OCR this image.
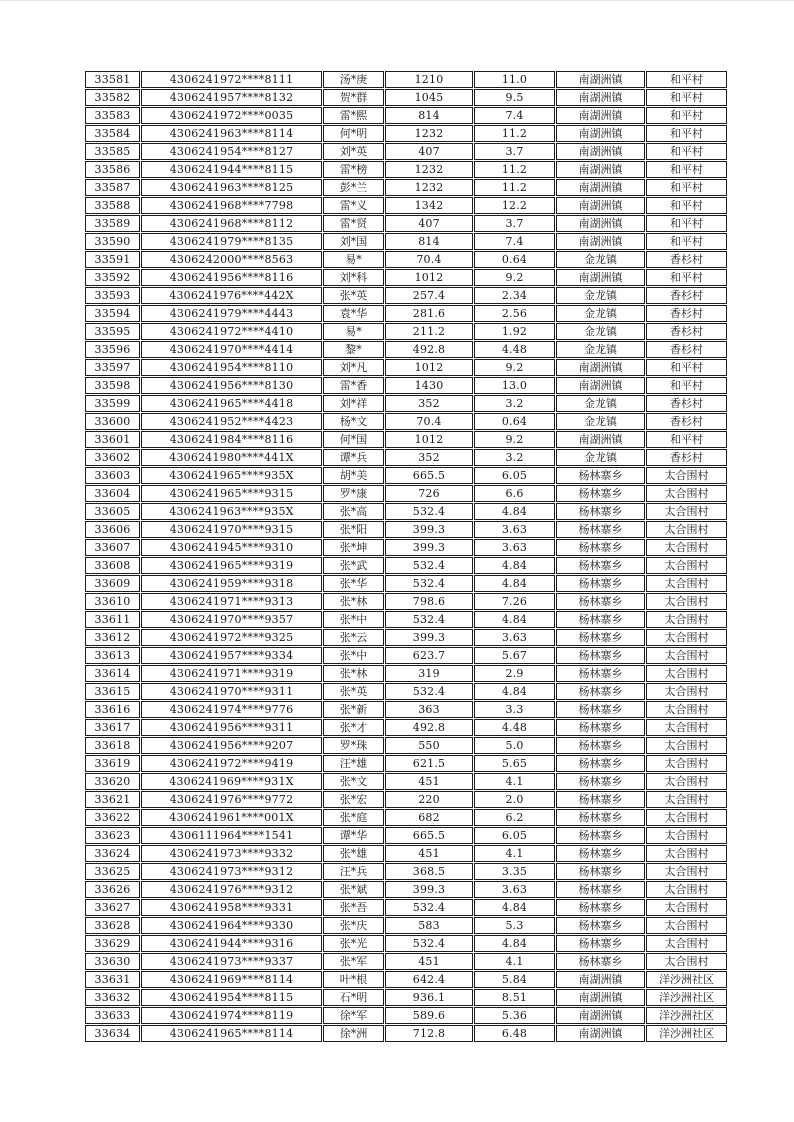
33581	4306241972****8111	汤*庚	1210	11.0	南湖洲镇	和平村
33582	4306241957****8132	贺*群	1045	9.5	南湖洲镇	和平村
33583	4306241972****0035	雷*熙	814	7.4	南湖洲镇	和平村
33584	4306241963****8114	何*明	1232	11.2	南湖洲镇	和平村
33585	4306241954****8127	刘*英	407	3.7	南湖洲镇	和平村
33586	4306241944****8115	雷*榜	1232	11.2	南湖洲镇	和平村
33587	4306241963****8125	彭*兰	1232	11.2	南湖洲镇	和平村
33588	4306241968****7798	雷*义	1342	12.2	南湖洲镇	和平村
33589	4306241968****8112	雷*贤	407	3.7	南湖洲镇	和平村
33590	4306241979****8135	刘*国	814	7.4	南湖洲镇	和平村
33591	4306242000****8563	易*	70.4	0.64	金龙镇	香杉村
33592	4306241956****8116	刘*科	1012	9.2	南湖洲镇	和平村
33593	4306241976****442X	张*英	257.4	2.34	金龙镇	香杉村
33594	4306241979****4443	袁*华	281.6	2.56	金龙镇	香杉村
33595	4306241972****4410	易*	211.2	1.92	金龙镇	香杉村
33596	4306241970****4414	黎*	492.8	4.48	金龙镇	香杉村
33597	4306241954****8110	刘*凡	1012	9.2	南湖洲镇	和平村
33598	4306241956****8130	雷*香	1430	13.0	南湖洲镇	和平村
33599	4306241965****4418	刘*祥	352	3.2	金龙镇	香杉村
33600	4306241952****4423	杨*文	70.4	0.64	金龙镇	香杉村
33601	4306241984****8116	何*国	1012	9.2	南湖洲镇	和平村
33602	4306241980****441X	谭*兵	352	3.2	金龙镇	香杉村
33603	4306241965****935X	胡*美	665.5	6.05	杨林寨乡	太合围村
33604	4306241965****9315	罗*康	726	6.6	杨林寨乡	太合围村
33605	4306241963****935X	张*高	532.4	4.84	杨林寨乡	太合围村
33606	4306241970****9315	张*阳	399.3	3.63	杨林寨乡	太合围村
33607	4306241945****9310	张*坤	399.3	3.63	杨林寨乡	太合围村
33608	4306241965****9319	张*武	532.4	4.84	杨林寨乡	太合围村
33609	4306241959****9318	张*华	532.4	4.84	杨林寨乡	太合围村
33610	4306241971****9313	张*林	798.6	7.26	杨林寨乡	太合围村
33611	4306241970****9357	张*中	532.4	4.84	杨林寨乡	太合围村
33612	4306241972****9325	张*云	399.3	3.63	杨林寨乡	太合围村
33613	4306241957****9334	张*中	623.7	5.67	杨林寨乡	太合围村
33614	4306241971****9319	张*林	319	2.9	杨林寨乡	太合围村
33615	4306241970****9311	张*英	532.4	4.84	杨林寨乡	太合围村
33616	4306241974****9776	张*新	363	3.3	杨林寨乡	太合围村
33617	4306241956****9311	张*才	492.8	4.48	杨林寨乡	太合围村
33618	4306241956****9207	罗*珠	550	5.0	杨林寨乡	太合围村
33619	4306241972****9419	汪*雄	621.5	5.65	杨林寨乡	太合围村
33620	4306241969****931X	张*文	451	4.1	杨林寨乡	太合围村
33621	4306241976****9772	张*宏	220	2.0	杨林寨乡	太合围村
33622	4306241961****001X	张*庭	682	6.2	杨林寨乡	太合围村
33623	4306111964****1541	谭*华	665.5	6.05	杨林寨乡	太合围村
33624	4306241973****9332	张*雄	451	4.1	杨林寨乡	太合围村
33625	4306241973****9312	汪*兵	368.5	3.35	杨林寨乡	太合围村
33626	4306241976****9312	张*斌	399.3	3.63	杨林寨乡	太合围村
33627	4306241958****9331	张*吾	532.4	4.84	杨林寨乡	太合围村
33628	4306241964****9330	张*庆	583	5.3	杨林寨乡	太合围村
33629	4306241944****9316	张*光	532.4	4.84	杨林寨乡	太合围村
33630	4306241973****9337	张*军	451	4.1	杨林寨乡	太合围村
33631	4306241969****8114	叶*根	642.4	5.84	南湖洲镇	洋沙洲社区
33632	4306241954****8115	石*明	936.1	8.51	南湖洲镇	洋沙洲社区
33633	4306241974****8119	徐*军	589.6	5.36	南湖洲镇	洋沙洲社区
33634	4306241965****8114	徐*洲	712.8	6.48	南湖洲镇	洋沙洲社区
